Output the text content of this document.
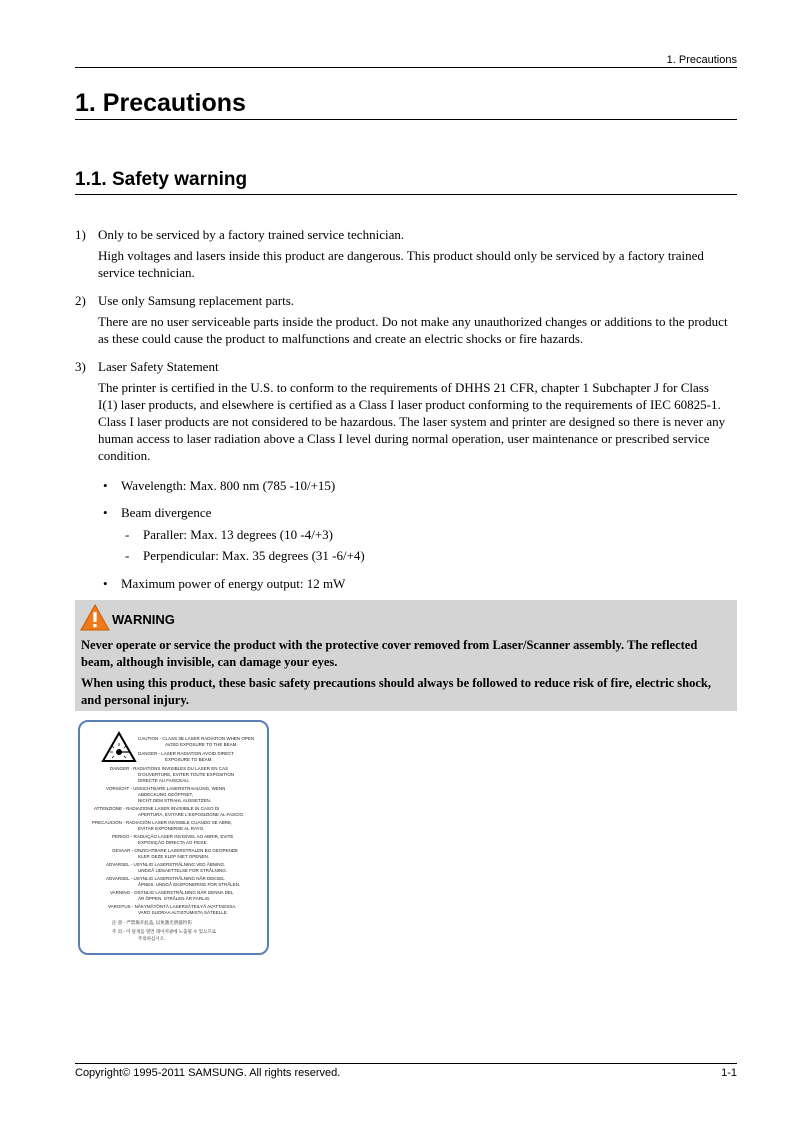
1. Precautions
1. Precautions
1.1. Safety warning
1) Only to be serviced by a factory trained service technician.
High voltages and lasers inside this product are dangerous. This product should only be serviced by a factory trained service technician.
2) Use only Samsung replacement parts.
There are no user serviceable parts inside the product. Do not make any unauthorized changes or additions to the product as these could cause the product to malfunctions and create an electric shocks or fire hazards.
3) Laser Safety Statement
The printer is certified in the U.S. to conform to the requirements of DHHS 21 CFR, chapter 1 Subchapter J for Class I(1) laser products, and elsewhere is certified as a Class I laser product conforming to the requirements of IEC 60825-1. Class I laser products are not considered to be hazardous. The laser system and printer are designed so there is never any human access to laser radiation above a Class I level during normal operation, user maintenance or prescribed service condition.
• Wavelength: Max. 800 nm (785 -10/+15)
• Beam divergence
- Paraller: Max. 13 degrees (10 -4/+3)
- Perpendicular: Max. 35 degrees (31 -6/+4)
• Maximum power of energy output: 12 mW
WARNING
Never operate or service the product with the protective cover removed from Laser/Scanner assembly. The reflected beam, although invisible, can damage your eyes.
When using this product, these basic safety precautions should always be followed to reduce risk of fire, electric shock, and personal injury.
CAUTION - CLASS 3B LASER RADIATION WHEN OPEN
AVOID EXPOSURE TO THE BEAM.
DANGER - LASER RADIATION AVOID DIRECT
EXPOSURE TO BEAM.
DANGER - RADIATIONS INVISIBLES DU LASER EN CAS
D'OUVERTURE, EVITER TOUTE EXPOSITION
DIRECTE AU FAISCEAU.
VORSICHT - UNSICHTBARE LASERSTRAHLUNG, WENN
ABDECKUNG GEÖFFNET,
NICHT DEM STRAHL AUSSETZEN.
ATTENZIONE - RADIAZIONE LASER INVISIBILE IN CASO DI
APERTURA, EVITARE L'ESPOSIZIONE AL FASCIO.
PRECAUCIÓN - RADIACIÓN LASER INVISIBLE CUANDO SE ABRE,
EVITAR EXPONERSE AL RAYO.
PERIGO - RADIAÇÃO LASER INVISÍVEL AO ABRIR, EVITE
EXPOSIÇÃO DIRECTA AO FEIXE.
GEVAAR - ONZICHTBARE LASERSTRALEN BIJ GEOPENDE
KLEP. DEZE KLEP NIET OPENEN.
ADVARSEL - USYNLIG LASERSTRÅLNING VED ÅBNING.
UNDGÅ UDSAETTELSE FOR STRÅLNING.
ADVARSEL - USYNLIG LASERSTRÅLNING NÅR DEKSEL
ÅPNES. UNNGÅ EKSPONERING FOR STRÅLEN.
VARNING - OSYNLIG LASERSTRÅLNING NÄR DENNA DEL
ÄR ÖPPEN. STRÅLEN ÄR FARLIG.
VAROITUS - NÄKYMÄTÖNTÄ LASERSÄTEILYÄ AVATTAESSA.
VARO SUORAA ALTISTUMISTA SÄTEELLE.
注 意 - 严禁揭开此盖, 以免激光泄露灼伤
주 의 - 이 덮개를 열면 레이저광에 노출될 수 있으므로
주의하십시오.
Copyright© 1995-2011 SAMSUNG. All rights reserved.	1-1
